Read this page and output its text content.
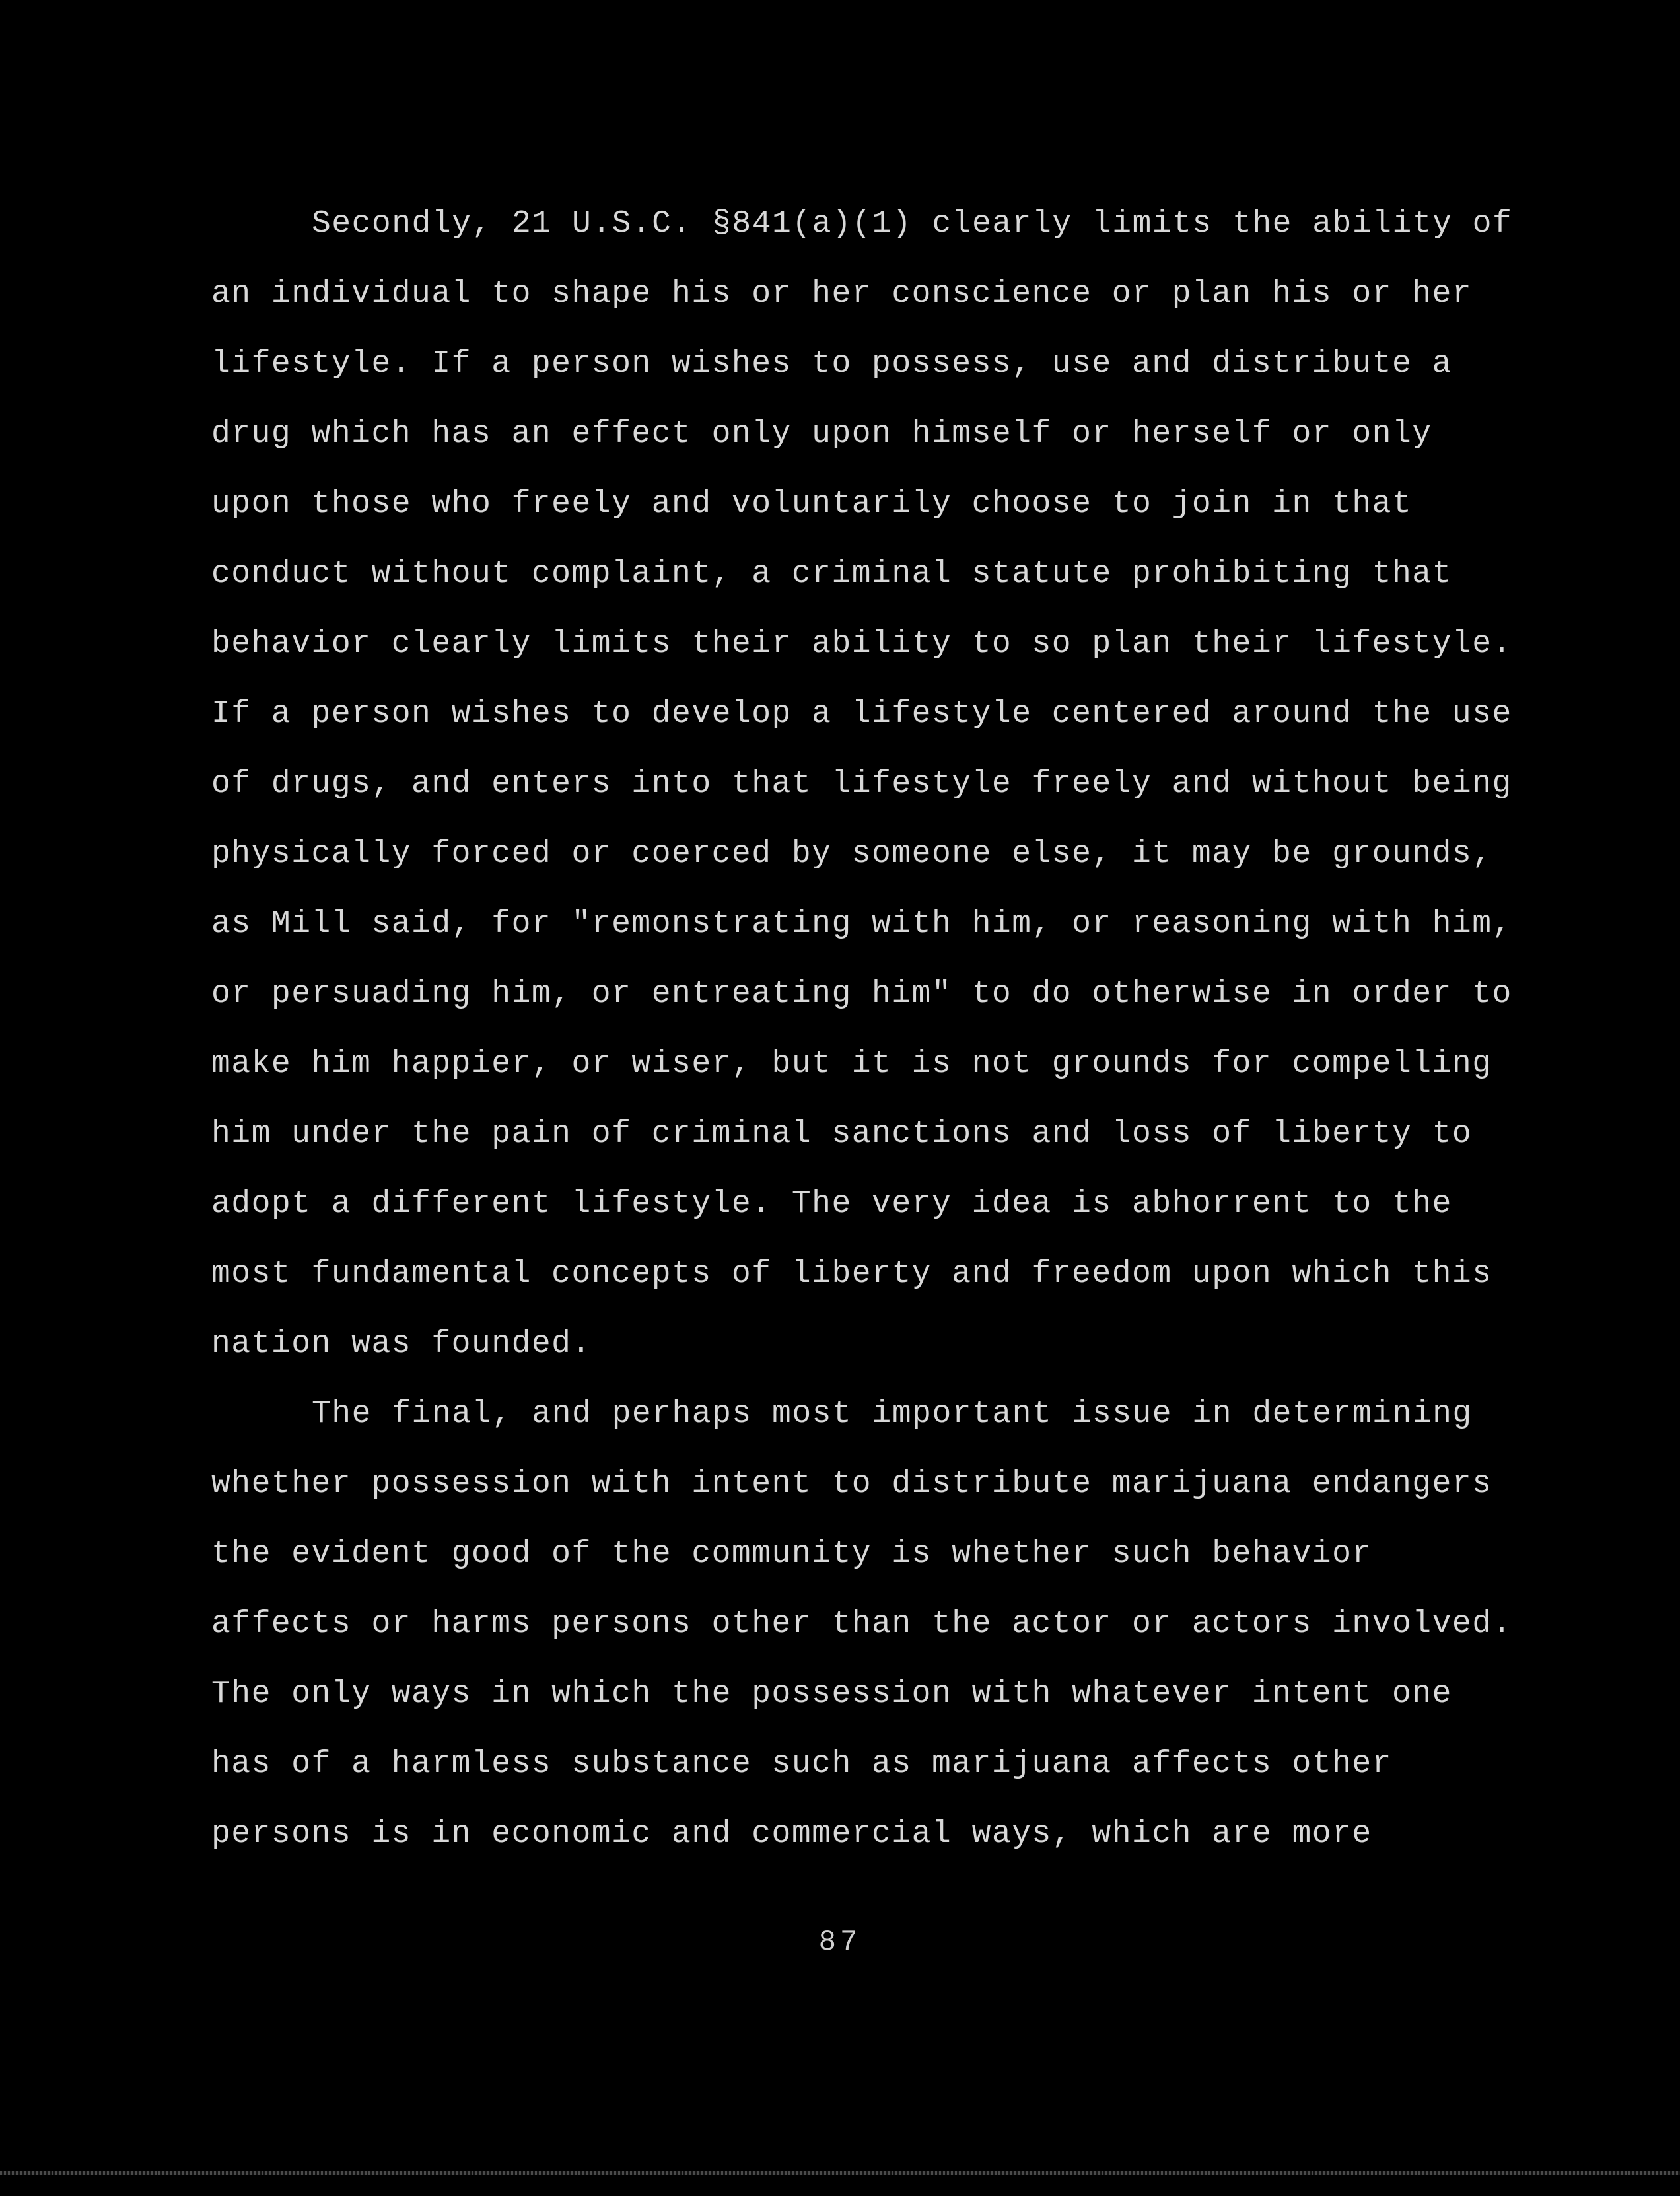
Secondly, 21 U.S.C. §841(a)(1) clearly limits the ability of
an individual to shape his or her conscience or plan his or her
lifestyle. If a person wishes to possess, use and distribute a
drug which has an effect only upon himself or herself or only
upon those who freely and voluntarily choose to join in that
conduct without complaint, a criminal statute prohibiting that
behavior clearly limits their ability to so plan their lifestyle.
If a person wishes to develop a lifestyle centered around the use
of drugs, and enters into that lifestyle freely and without being
physically forced or coerced by someone else, it may be grounds,
as Mill said, for "remonstrating with him, or reasoning with him,
or persuading him, or entreating him" to do otherwise in order to
make him happier, or wiser, but it is not grounds for compelling
him under the pain of criminal sanctions and loss of liberty to
adopt a different lifestyle. The very idea is abhorrent to the
most fundamental concepts of liberty and freedom upon which this
nation was founded.
The final, and perhaps most important issue in determining
whether possession with intent to distribute marijuana endangers
the evident good of the community is whether such behavior
affects or harms persons other than the actor or actors involved.
The only ways in which the possession with whatever intent one
has of a harmless substance such as marijuana affects other
persons is in economic and commercial ways, which are more
87
